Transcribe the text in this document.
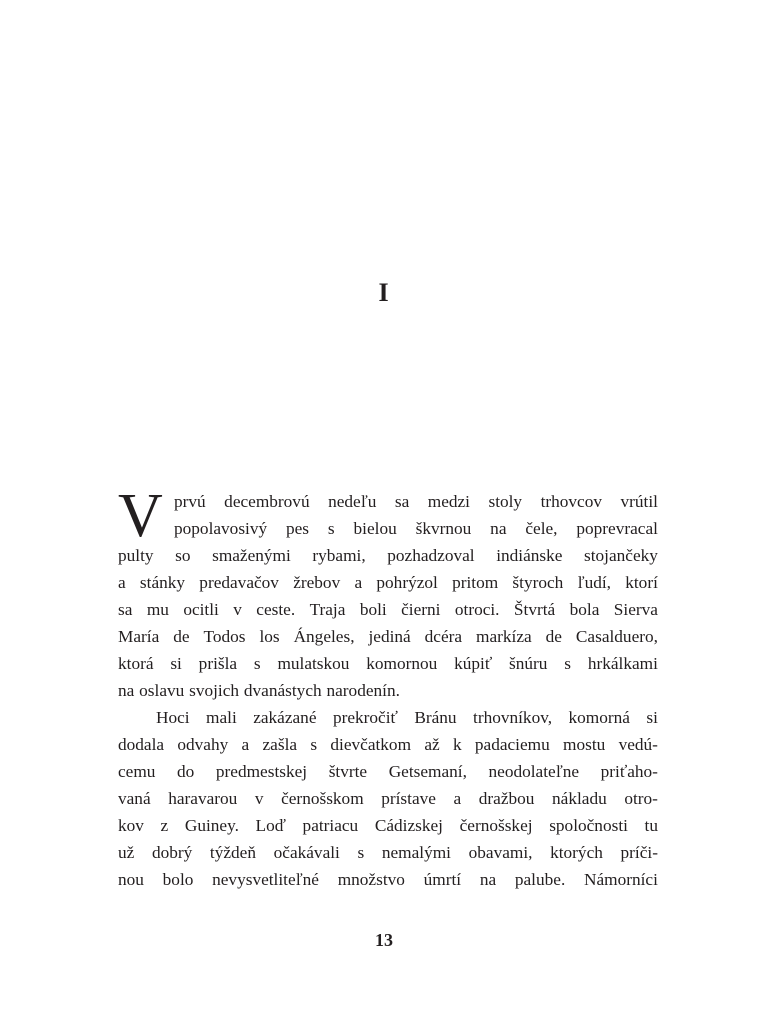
I
V prvú decembrovú nedeľu sa medzi stoly trhovcov vrútil
popolavosivý pes s bielou škvrnou na čele, poprevracal
pulty so smaženými rybami, pozhadzoval indiánske stojančeky
a stánky predavačov žrebov a pohrýzol pritom štyroch ľudí, ktorí
sa mu ocitli v ceste. Traja boli čierni otroci. Štvrtá bola Sierva
María de Todos los Ángeles, jediná dcéra markíza de Casalduero,
ktorá si prišla s mulatskou komornou kúpiť šnúru s hrkálkami
na oslavu svojich dvanástych narodenín.
Hoci mali zakázané prekročiť Bránu trhovníkov, komorná si
dodala odvahy a zašla s dievčatkom až k padaciemu mostu vedú-
cemu do predmestskej štvrte Getsemaní, neodolateľne priťaho-
vaná haravarou v černošskom prístave a dražbou nákladu otro-
kov z Guiney. Loď patriacu Cádizskej černošskej spoločnosti tu
už dobrý týždeň očakávali s nemalými obavami, ktorých príči-
nou bolo nevysvetliteľné množstvo úmrtí na palube. Námorníci
13
